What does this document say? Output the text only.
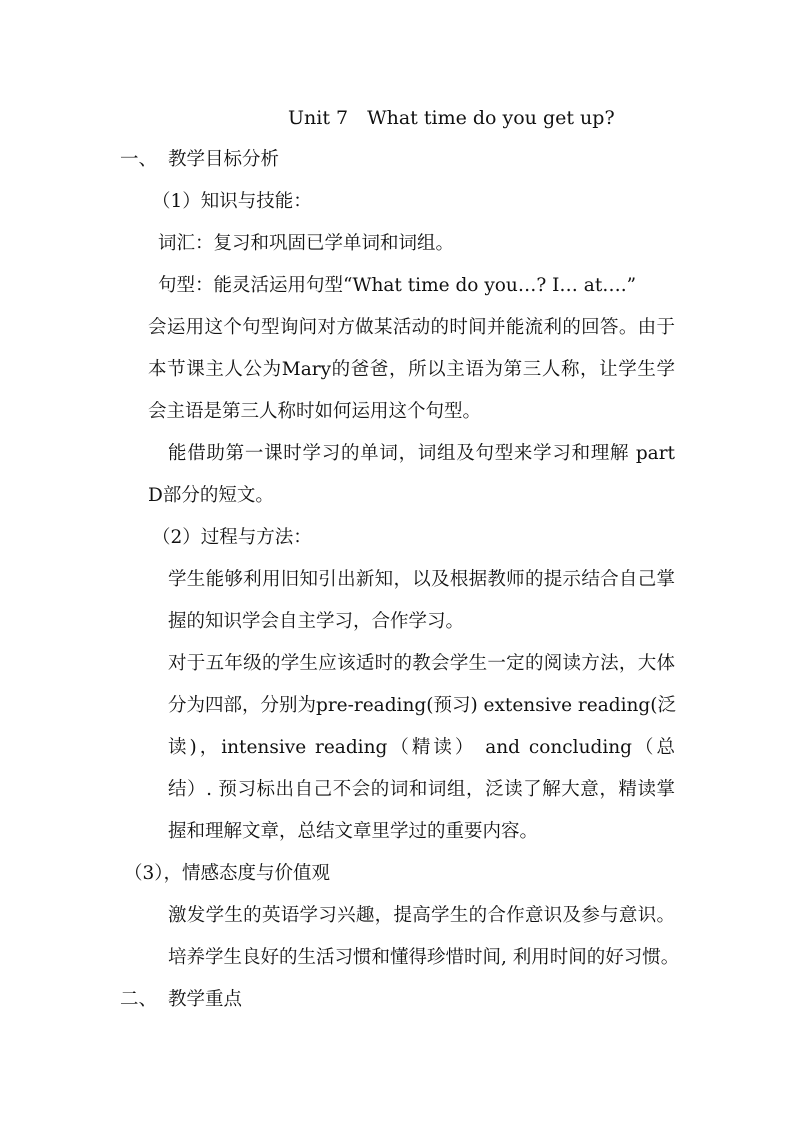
Unit 7　What time do you get up?

一、 教学目标分析

（1）知识与技能：

词汇：复习和巩固已学单词和词组。

句型：能灵活运用句型“What time do you…? I… at….”

会运用这个句型询问对方做某活动的时间并能流利的回答。由于

本节课主人公为Mary的爸爸，所以主语为第三人称，让学生学

会主语是第三人称时如何运用这个句型。

能借助第一课时学习的单词，词组及句型来学习和理解 part

D部分的短文。

（2）过程与方法：

学生能够利用旧知引出新知，以及根据教师的提示结合自己掌

握的知识学会自主学习，合作学习。

对于五年级的学生应该适时的教会学生一定的阅读方法，大体

分为四部，分别为pre-reading(预习) extensive reading(泛

读)，intensive reading（精读） and concluding（总

结）. 预习标出自己不会的词和词组，泛读了解大意，精读掌

握和理解文章，总结文章里学过的重要内容。

（3），情感态度与价值观

激发学生的英语学习兴趣，提高学生的合作意识及参与意识。

培养学生良好的生活习惯和懂得珍惜时间, 利用时间的好习惯。

二、 教学重点
